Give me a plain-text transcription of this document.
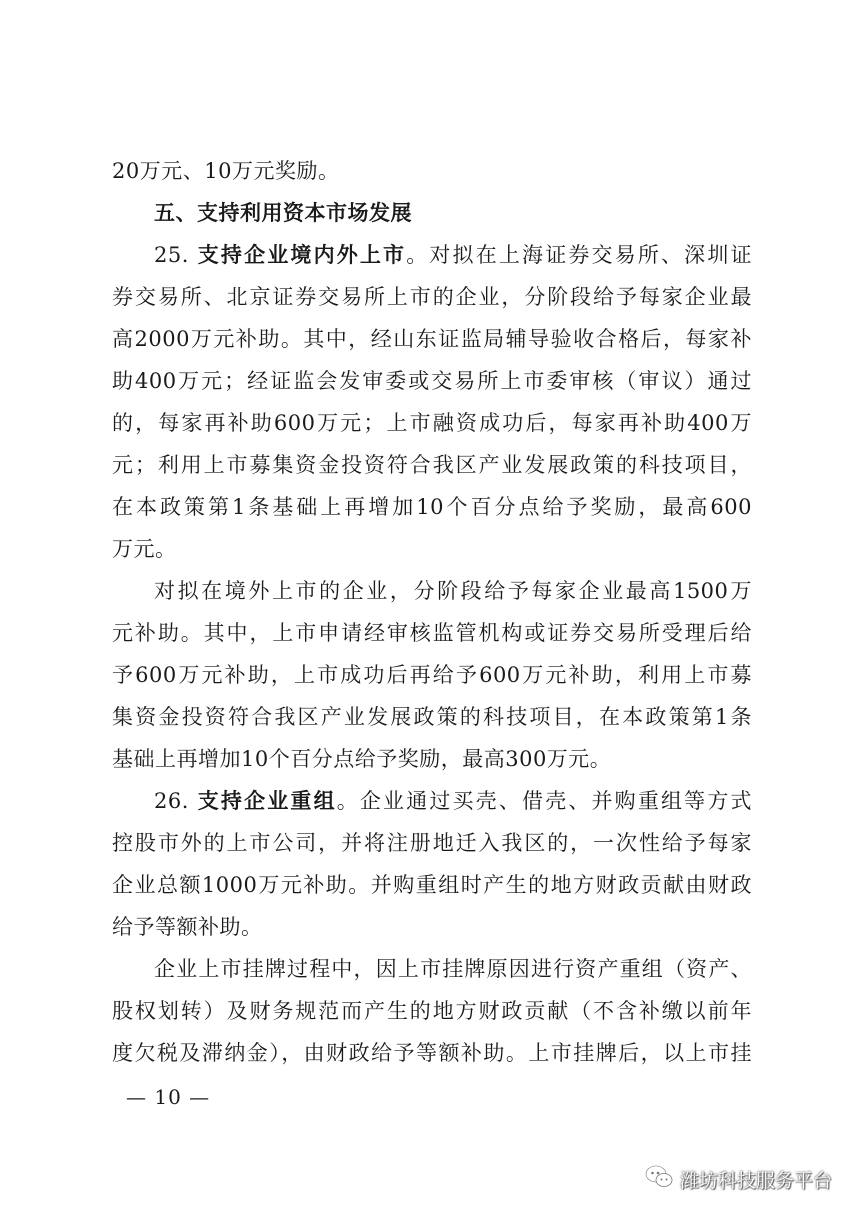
20万元、10万元奖励。
五、支持利用资本市场发展
25. 支持企业境内外上市。对拟在上海证券交易所、深圳证
券交易所、北京证券交易所上市的企业，分阶段给予每家企业最
高2000万元补助。其中，经山东证监局辅导验收合格后，每家补
助400万元；经证监会发审委或交易所上市委审核（审议）通过
的，每家再补助600万元；上市融资成功后，每家再补助400万
元；利用上市募集资金投资符合我区产业发展政策的科技项目，
在本政策第1条基础上再增加10个百分点给予奖励，最高600
万元。
对拟在境外上市的企业，分阶段给予每家企业最高1500万
元补助。其中，上市申请经审核监管机构或证券交易所受理后给
予600万元补助，上市成功后再给予600万元补助，利用上市募
集资金投资符合我区产业发展政策的科技项目，在本政策第1条
基础上再增加10个百分点给予奖励，最高300万元。
26. 支持企业重组。企业通过买壳、借壳、并购重组等方式
控股市外的上市公司，并将注册地迁入我区的，一次性给予每家
企业总额1000万元补助。并购重组时产生的地方财政贡献由财政
给予等额补助。
企业上市挂牌过程中，因上市挂牌原因进行资产重组（资产、
股权划转）及财务规范而产生的地方财政贡献（不含补缴以前年
度欠税及滞纳金），由财政给予等额补助。上市挂牌后，以上市挂
— 10 —
潍坊科技服务平台
